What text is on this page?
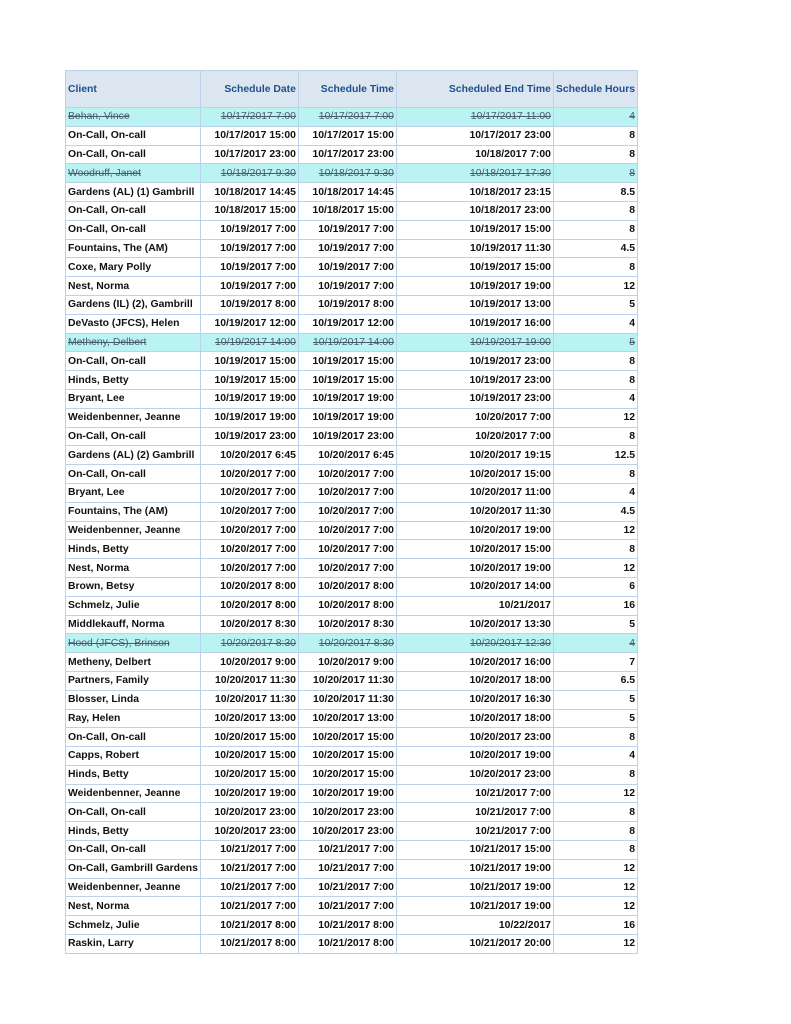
Client	Schedule Date	Schedule Time	Scheduled End Time	Schedule Hours
Behan, Vince	10/17/2017 7:00	10/17/2017 7:00	10/17/2017 11:00	4
On-Call, On-call	10/17/2017 15:00	10/17/2017 15:00	10/17/2017 23:00	8
On-Call, On-call	10/17/2017 23:00	10/17/2017 23:00	10/18/2017 7:00	8
Woodruff, Janet	10/18/2017 9:30	10/18/2017 9:30	10/18/2017 17:30	8
Gardens (AL) (1) Gambrill	10/18/2017 14:45	10/18/2017 14:45	10/18/2017 23:15	8.5
On-Call, On-call	10/18/2017 15:00	10/18/2017 15:00	10/18/2017 23:00	8
On-Call, On-call	10/19/2017 7:00	10/19/2017 7:00	10/19/2017 15:00	8
Fountains, The (AM)	10/19/2017 7:00	10/19/2017 7:00	10/19/2017 11:30	4.5
Coxe, Mary Polly	10/19/2017 7:00	10/19/2017 7:00	10/19/2017 15:00	8
Nest, Norma	10/19/2017 7:00	10/19/2017 7:00	10/19/2017 19:00	12
Gardens (IL) (2), Gambrill	10/19/2017 8:00	10/19/2017 8:00	10/19/2017 13:00	5
DeVasto (JFCS), Helen	10/19/2017 12:00	10/19/2017 12:00	10/19/2017 16:00	4
Metheny, Delbert	10/19/2017 14:00	10/19/2017 14:00	10/19/2017 19:00	5
On-Call, On-call	10/19/2017 15:00	10/19/2017 15:00	10/19/2017 23:00	8
Hinds, Betty	10/19/2017 15:00	10/19/2017 15:00	10/19/2017 23:00	8
Bryant, Lee	10/19/2017 19:00	10/19/2017 19:00	10/19/2017 23:00	4
Weidenbenner, Jeanne	10/19/2017 19:00	10/19/2017 19:00	10/20/2017 7:00	12
On-Call, On-call	10/19/2017 23:00	10/19/2017 23:00	10/20/2017 7:00	8
Gardens (AL) (2) Gambrill	10/20/2017 6:45	10/20/2017 6:45	10/20/2017 19:15	12.5
On-Call, On-call	10/20/2017 7:00	10/20/2017 7:00	10/20/2017 15:00	8
Bryant, Lee	10/20/2017 7:00	10/20/2017 7:00	10/20/2017 11:00	4
Fountains, The (AM)	10/20/2017 7:00	10/20/2017 7:00	10/20/2017 11:30	4.5
Weidenbenner, Jeanne	10/20/2017 7:00	10/20/2017 7:00	10/20/2017 19:00	12
Hinds, Betty	10/20/2017 7:00	10/20/2017 7:00	10/20/2017 15:00	8
Nest, Norma	10/20/2017 7:00	10/20/2017 7:00	10/20/2017 19:00	12
Brown, Betsy	10/20/2017 8:00	10/20/2017 8:00	10/20/2017 14:00	6
Schmelz, Julie	10/20/2017 8:00	10/20/2017 8:00	10/21/2017	16
Middlekauff, Norma	10/20/2017 8:30	10/20/2017 8:30	10/20/2017 13:30	5
Hood (JFCS), Brinson	10/20/2017 8:30	10/20/2017 8:30	10/20/2017 12:30	4
Metheny, Delbert	10/20/2017 9:00	10/20/2017 9:00	10/20/2017 16:00	7
Partners, Family	10/20/2017 11:30	10/20/2017 11:30	10/20/2017 18:00	6.5
Blosser, Linda	10/20/2017 11:30	10/20/2017 11:30	10/20/2017 16:30	5
Ray, Helen	10/20/2017 13:00	10/20/2017 13:00	10/20/2017 18:00	5
On-Call, On-call	10/20/2017 15:00	10/20/2017 15:00	10/20/2017 23:00	8
Capps, Robert	10/20/2017 15:00	10/20/2017 15:00	10/20/2017 19:00	4
Hinds, Betty	10/20/2017 15:00	10/20/2017 15:00	10/20/2017 23:00	8
Weidenbenner, Jeanne	10/20/2017 19:00	10/20/2017 19:00	10/21/2017 7:00	12
On-Call, On-call	10/20/2017 23:00	10/20/2017 23:00	10/21/2017 7:00	8
Hinds, Betty	10/20/2017 23:00	10/20/2017 23:00	10/21/2017 7:00	8
On-Call, On-call	10/21/2017 7:00	10/21/2017 7:00	10/21/2017 15:00	8
On-Call, Gambrill Gardens	10/21/2017 7:00	10/21/2017 7:00	10/21/2017 19:00	12
Weidenbenner, Jeanne	10/21/2017 7:00	10/21/2017 7:00	10/21/2017 19:00	12
Nest, Norma	10/21/2017 7:00	10/21/2017 7:00	10/21/2017 19:00	12
Schmelz, Julie	10/21/2017 8:00	10/21/2017 8:00	10/22/2017	16
Raskin, Larry	10/21/2017 8:00	10/21/2017 8:00	10/21/2017 20:00	12
